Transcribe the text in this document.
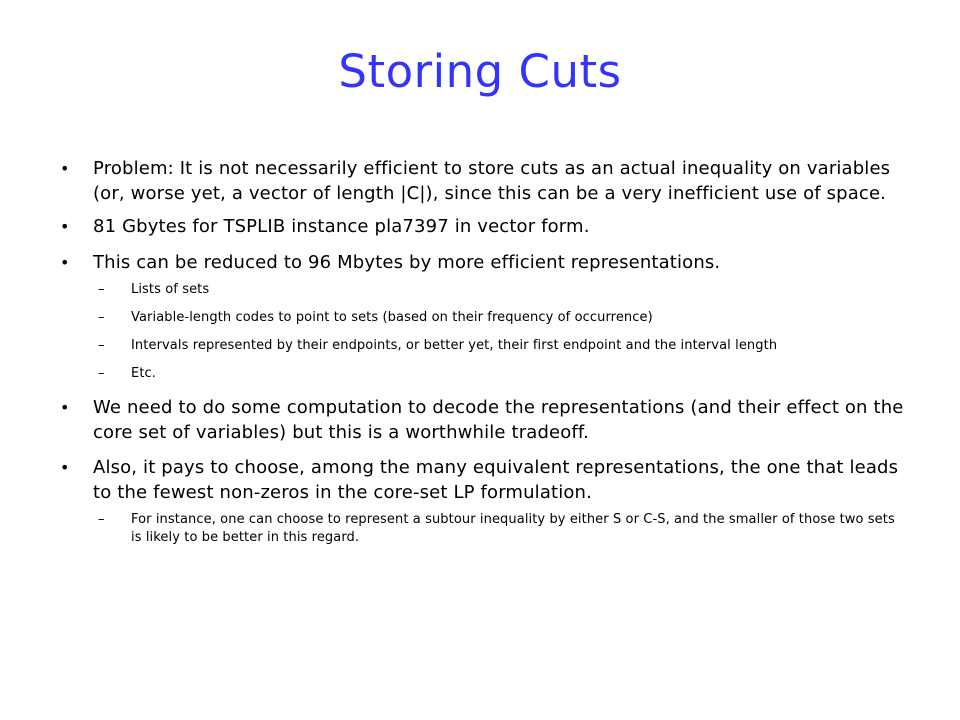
Storing Cuts
• Problem: It is not necessarily efficient to store cuts as an actual inequality on variables (or, worse yet, a vector of length |C|), since this can be a very inefficient use of space.
• 81 Gbytes for TSPLIB instance pla7397 in vector form.
• This can be reduced to 96 Mbytes by more efficient representations.
– Lists of sets
– Variable-length codes to point to sets (based on their frequency of occurrence)
– Intervals represented by their endpoints, or better yet, their first endpoint and the interval length
– Etc.
• We need to do some computation to decode the representations (and their effect on the core set of variables) but this is a worthwhile tradeoff.
• Also, it pays to choose, among the many equivalent representations, the one that leads to the fewest non-zeros in the core-set LP formulation.
– For instance, one can choose to represent a subtour inequality by either S or C-S, and the smaller of those two sets is likely to be better in this regard.
